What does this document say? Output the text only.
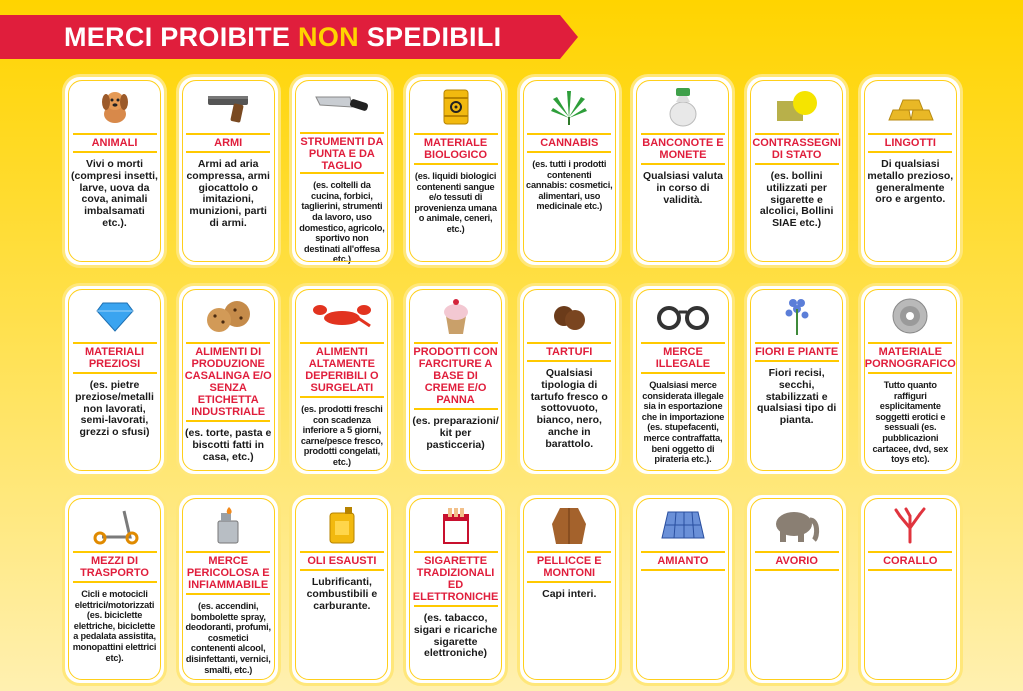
MERCI PROIBITE NON SPEDIBILI
ANIMALI
Vivi o morti (compresi insetti, larve, uova da cova, animali imbalsamati etc.).
ARMI
Armi ad aria compressa, armi giocattolo o imitazioni, munizioni, parti di armi.
STRUMENTI DA PUNTA E DA TAGLIO
(es. coltelli da cucina, forbici, taglierini, strumenti da lavoro, uso domestico, agricolo, sportivo non destinati all'offesa etc.)
MATERIALE BIOLOGICO
(es. liquidi biologici contenenti sangue e/o tessuti di provenienza umana o animale, ceneri, etc.)
CANNABIS
(es. tutti i prodotti contenenti cannabis: cosmetici, alimentari, uso medicinale etc.)
BANCONOTE E MONETE
Qualsiasi valuta in corso di validità.
CONTRASSEGNI DI STATO
(es. bollini utilizzati per sigarette e alcolici, Bollini SIAE etc.)
LINGOTTI
Di qualsiasi metallo prezioso, generalmente oro e argento.
MATERIALI PREZIOSI
(es. pietre preziose/metalli non lavorati, semi-lavorati, grezzi o sfusi)
ALIMENTI DI PRODUZIONE CASALINGA E/O SENZA ETICHETTA INDUSTRIALE
(es. torte, pasta e biscotti fatti in casa, etc.)
ALIMENTI ALTAMENTE DEPERIBILI O SURGELATI
(es. prodotti freschi con scadenza inferiore a 5 giorni, carne/pesce fresco, prodotti congelati, etc.)
PRODOTTI CON FARCITURE A BASE DI CREME E/O PANNA
(es. preparazioni/ kit per pasticceria)
TARTUFI
Qualsiasi tipologia di tartufo fresco o sottovuoto, bianco, nero, anche in barattolo.
MERCE ILLEGALE
Qualsiasi merce considerata illegale sia in esportazione che in importazione (es. stupefacenti, merce contraffatta, beni oggetto di pirateria etc.).
FIORI E PIANTE
Fiori recisi, secchi, stabilizzati e qualsiasi tipo di pianta.
MATERIALE PORNOGRAFICO
Tutto quanto raffiguri esplicitamente soggetti erotici e sessuali (es. pubblicazioni cartacee, dvd, sex toys etc).
MEZZI DI TRASPORTO
Cicli e motocicli elettrici/motorizzati (es. biciclette elettriche, biciclette a pedalata assistita, monopattini elettrici etc).
MERCE PERICOLOSA E INFIAMMABILE
(es. accendini, bombolette spray, deodoranti, profumi, cosmetici contenenti alcool, disinfettanti, vernici, smalti, etc.)
OLI ESAUSTI
Lubrificanti, combustibili e carburante.
SIGARETTE TRADIZIONALI ED ELETTRONICHE
(es. tabacco, sigari e ricariche sigarette elettroniche)
PELLICCE E MONTONI
Capi interi.
AMIANTO	AVORIO	CORALLO
